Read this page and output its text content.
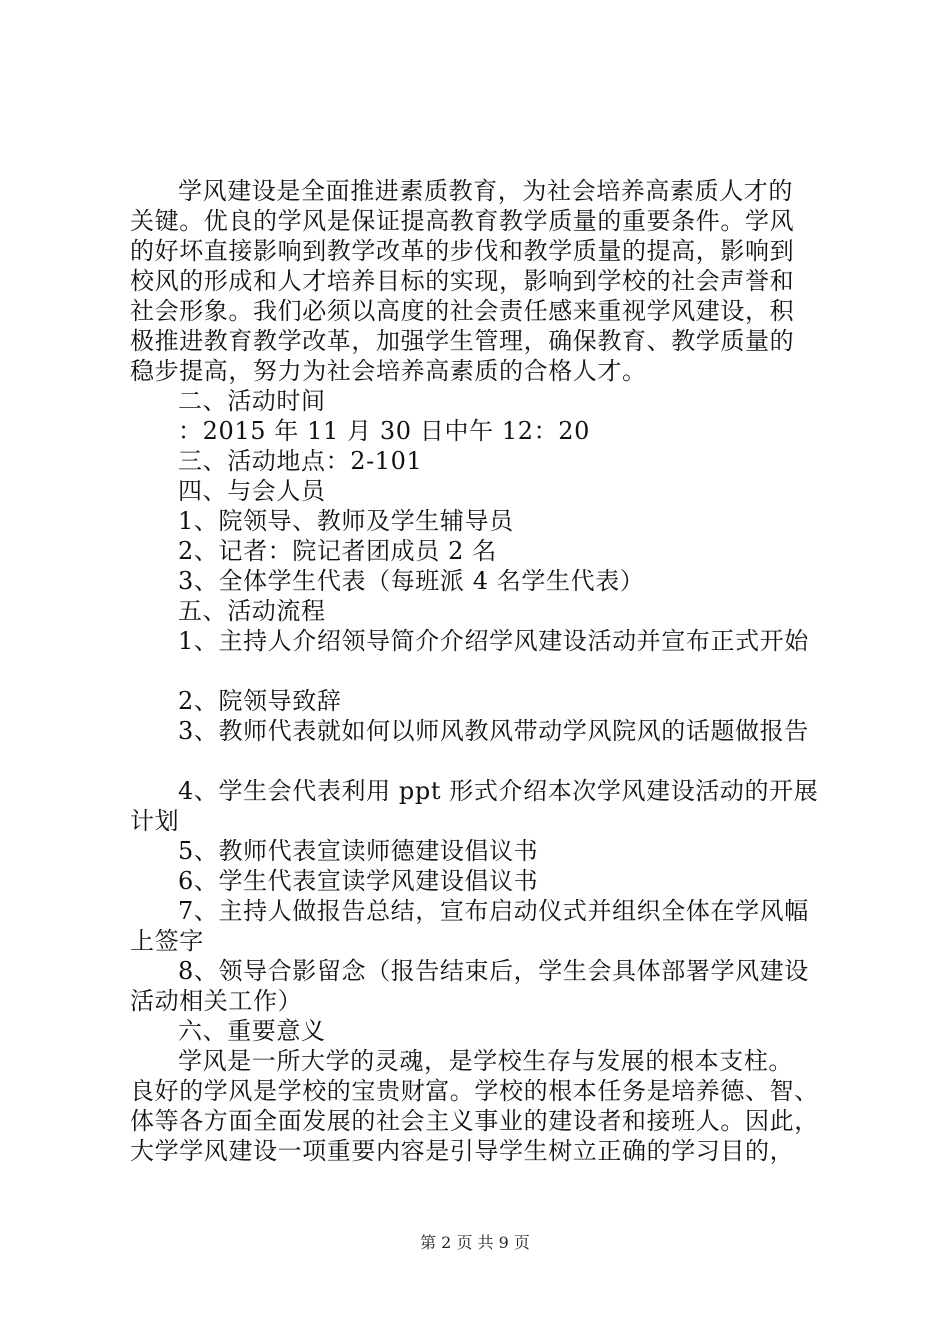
学风建设是全面推进素质教育，为社会培养高素质人才的
关键。优良的学风是保证提高教育教学质量的重要条件。学风
的好坏直接影响到教学改革的步伐和教学质量的提高，影响到
校风的形成和人才培养目标的实现，影响到学校的社会声誉和
社会形象。我们必须以高度的社会责任感来重视学风建设，积
极推进教育教学改革，加强学生管理，确保教育、教学质量的
稳步提高，努力为社会培养高素质的合格人才。
二、活动时间
：2015 年 11 月 30 日中午 12：20
三、活动地点：2-101
四、与会人员
1、院领导、教师及学生辅导员
2、记者：院记者团成员 2 名
3、全体学生代表（每班派 4 名学生代表）
五、活动流程
1、主持人介绍领导简介介绍学风建设活动并宣布正式开始
2、院领导致辞
3、教师代表就如何以师风教风带动学风院风的话题做报告
4、学生会代表利用 ppt 形式介绍本次学风建设活动的开展
计划
5、教师代表宣读师德建设倡议书
6、学生代表宣读学风建设倡议书
7、主持人做报告总结，宣布启动仪式并组织全体在学风幅
上签字
8、领导合影留念（报告结束后，学生会具体部署学风建设
活动相关工作）
六、重要意义
学风是一所大学的灵魂，是学校生存与发展的根本支柱。
良好的学风是学校的宝贵财富。学校的根本任务是培养德、智、
体等各方面全面发展的社会主义事业的建设者和接班人。因此，
大学学风建设一项重要内容是引导学生树立正确的学习目的，
第 2 页 共 9 页
